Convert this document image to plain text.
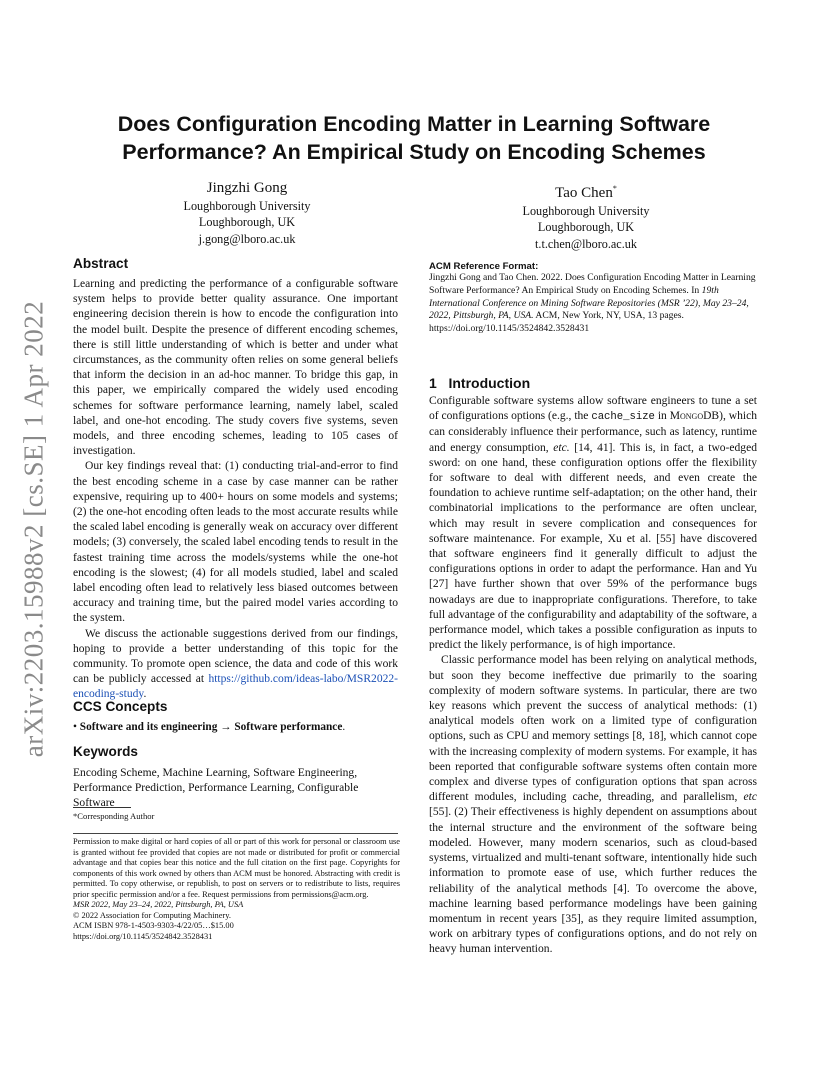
arXiv:2203.15988v2 [cs.SE] 1 Apr 2022
Does Configuration Encoding Matter in Learning Software Performance? An Empirical Study on Encoding Schemes
Jingzhi Gong
Loughborough University
Loughborough, UK
j.gong@lboro.ac.uk
Tao Chen*
Loughborough University
Loughborough, UK
t.t.chen@lboro.ac.uk
Abstract

Learning and predicting the performance of a configurable software system helps to provide better quality assurance. One important engineering decision therein is how to encode the configuration into the model built. Despite the presence of different encoding schemes, there is still little understanding of which is better and under what circumstances, as the community often relies on some general beliefs that inform the decision in an ad-hoc manner. To bridge this gap, in this paper, we empirically compared the widely used encoding schemes for software performance learning, namely label, scaled label, and one-hot encoding. The study covers five systems, seven models, and three encoding schemes, leading to 105 cases of investigation.

Our key findings reveal that: (1) conducting trial-and-error to find the best encoding scheme in a case by case manner can be rather expensive, requiring up to 400+ hours on some models and systems; (2) the one-hot encoding often leads to the most accurate results while the scaled label encoding is generally weak on accuracy over different models; (3) conversely, the scaled label encoding tends to result in the fastest training time across the models/systems while the one-hot encoding is the slowest; (4) for all models studied, label and scaled label encoding often lead to relatively less biased outcomes between accuracy and training time, but the paired model varies according to the system.

We discuss the actionable suggestions derived from our findings, hoping to provide a better understanding of this topic for the community. To promote open science, the data and code of this work can be publicly accessed at https://github.com/ideas-labo/MSR2022-encoding-study.

CCS Concepts
• Software and its engineering → Software performance.
Keywords
Encoding Scheme, Machine Learning, Software Engineering, Performance Prediction, Performance Learning, Configurable Software
*Corresponding Author
Permission to make digital or hard copies of all or part of this work for personal or classroom use is granted without fee provided that copies are not made or distributed for profit or commercial advantage and that copies bear this notice and the full citation on the first page. Copyrights for components of this work owned by others than ACM must be honored. Abstracting with credit is permitted. To copy otherwise, or republish, to post on servers or to redistribute to lists, requires prior specific permission and/or a fee. Request permissions from permissions@acm.org.
MSR 2022, May 23–24, 2022, Pittsburgh, PA, USA
© 2022 Association for Computing Machinery.
ACM ISBN 978-1-4503-9303-4/22/05…$15.00
https://doi.org/10.1145/3524842.3528431
ACM Reference Format:
Jingzhi Gong and Tao Chen. 2022. Does Configuration Encoding Matter in Learning Software Performance? An Empirical Study on Encoding Schemes. In 19th International Conference on Mining Software Repositories (MSR ’22), May 23–24, 2022, Pittsburgh, PA, USA. ACM, New York, NY, USA, 13 pages. https://doi.org/10.1145/3524842.3528431
1 Introduction

Configurable software systems allow software engineers to tune a set of configurations options (e.g., the cache_size in MongoDB), which can considerably influence their performance, such as latency, runtime and energy consumption, etc. [14, 41]. This is, in fact, a two-edged sword: on one hand, these configuration options offer the flexibility for software to deal with different needs, and even create the foundation to achieve runtime self-adaptation; on the other hand, their combinatorial implications to the performance are often unclear, which may result in severe complication and consequences for software maintenance. For example, Xu et al. [55] have discovered that software engineers find it generally difficult to adjust the configurations options in order to adapt the performance. Han and Yu [27] have further shown that over 59% of the performance bugs nowadays are due to inappropriate configurations. Therefore, to take full advantage of the configurability and adaptability of the software, a performance model, which takes a possible configuration as inputs to predict the likely performance, is of high importance.

Classic performance model has been relying on analytical methods, but soon they become ineffective due primarily to the soaring complexity of modern software systems. In particular, there are two key reasons which prevent the success of analytical methods: (1) analytical models often work on a limited type of configuration options, such as CPU and memory settings [8, 18], which cannot cope with the increasing complexity of modern systems. For example, it has been reported that configurable software systems often contain more complex and diverse types of configuration options that span across different modules, including cache, threading, and parallelism, etc [55]. (2) Their effectiveness is highly dependent on assumptions about the internal structure and the environment of the software being modeled. However, many modern scenarios, such as cloud-based systems, virtualized and multi-tenant software, intentionally hide such information to promote ease of use, which further reduces the reliability of the analytical methods [4]. To overcome the above, machine learning based performance modelings have been gaining momentum in recent years [35], as they require limited assumption, work on arbitrary types of configurations options, and do not rely on heavy human intervention.
